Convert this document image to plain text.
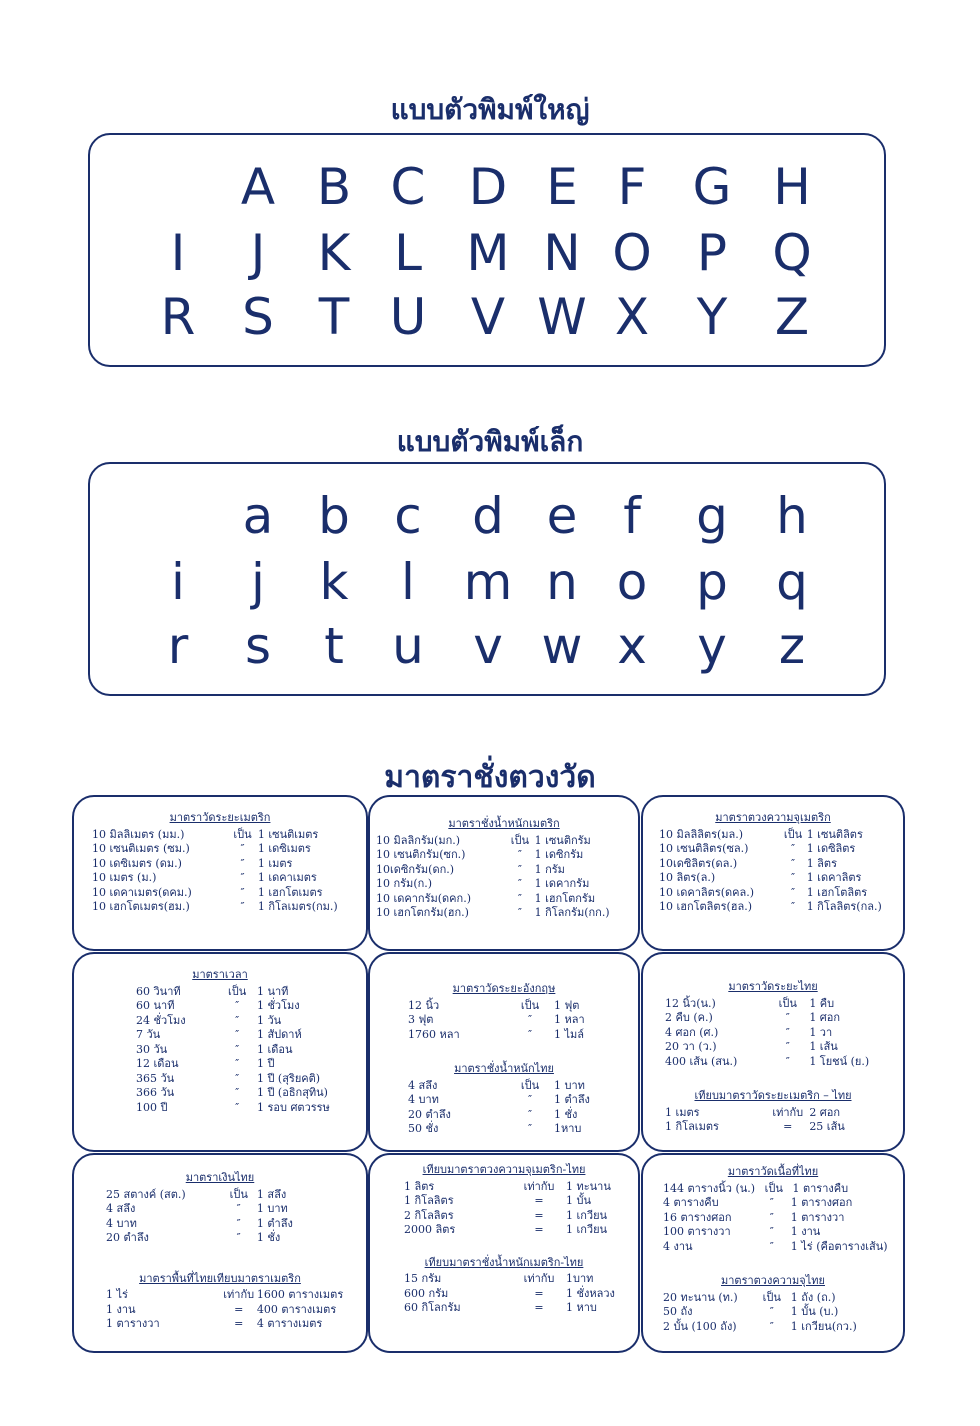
แบบตัวพิมพ์ใหญ่
A B C D E F G H
I	J	K L M N O P Q
R S T U V W X Y Z
แบบตัวพิมพ์เล็ก
a b c	d e f	g h
i	j	k	l m n o p q
r	s	t u v w x	y	z
มาตราชั่งตวงวัด
มาตราวัดระยะเมตริก
10 มิลลิเมตร (มม.)	เป็น 1 เซนติเมตร
10 เซนติเมตร (ซม.)	″	1 เดซิเมตร
10 เดซิเมตร (ดม.)	″	1 เมตร
10 เมตร (ม.)	″	1 เดคาเมตร
10 เดคาเมตร(ดคม.)	″	1 เฮกโตเมตร
10 เฮกโตเมตร(ฮม.)	″	1 กิโลเมตร(กม.)
มาตราชั่งน้ำหนักเมตริก
10 มิลลิกรัม(มก.)	เป็น 1 เซนติกรัม
10 เซนติกรัม(ซก.)	″	1 เดซิกรัม
10เดซิกรัม(ดก.)	″	1 กรัม
10 กรัม(ก.)	″	1 เดคากรัม
10 เดคากรัม(ดคก.)	″	1 เฮกโตกรัม
10 เฮกโตกรัม(ฮก.)	″	1 กิโลกรัม(กก.)
มาตราตวงความจุเมตริก
10 มิลลิลิตร(มล.)	เป็น 1 เซนติลิตร
10 เซนติลิตร(ซล.)	″	1 เดซิลิตร
10เดซิลิตร(ดล.)	″	1 ลิตร
10 ลิตร(ล.)	″	1 เดคาลิตร
10 เดคาลิตร(ดคล.)	″	1 เฮกโตลิตร
10 เฮกโตลิตร(ฮล.)	″	1 กิโลลิตร(กล.)
มาตราเวลา
60 วินาที	เป็น 1 นาที
60 นาที	″	1 ชั่วโมง
24 ชั่วโมง	″	1 วัน
7 วัน	″	1 สัปดาห์
30 วัน	″	1 เดือน
12 เดือน	″	1 ปี
365 วัน	″	1 ปี (สุริยคติ)
366 วัน	″	1 ปี (อธิกสุทิน)
100 ปี	″	1 รอบ ศตวรรษ
มาตราวัดระยะอังกฤษ
12 นิ้ว	เป็น	1 ฟุต
3 ฟุต	″	1 หลา
1760 หลา	″	1 ไมล์
มาตราชั่งน้ำหนักไทย
4 สลึง	เป็น	1 บาท
4 บาท	″	1 ตำลึง
20 ตำลึง	″	1 ชั่ง
50 ชั่ง	″	1หาบ
มาตราวัดระยะไทย
12 นิ้ว(น.)	เป็น	1 คืบ
2 คืบ (ค.)	″	1 ศอก
4 ศอก (ศ.)	″	1 วา
20 วา (ว.)	″	1 เส้น
400 เส้น (สน.)	″	1 โยชน์ (ย.)
เทียบมาตราวัดระยะเมตริก – ไทย
1 เมตร	เท่ากับ 2 ศอก
1 กิโลเมตร	=	25 เส้น
มาตราเงินไทย
25 สตางค์ (สต.)	เป็น 1 สลึง
4 สลึง	″	1 บาท
4 บาท	″	1 ตำลึง
20 ตำลึง	″	1 ชั่ง
มาตราพื้นที่ไทยเทียบมาตราเมตริก
1 ไร่	เท่ากับ 1600 ตารางเมตร
1 งาน	=	400 ตารางเมตร
1 ตารางวา	=	4 ตารางเมตร
เทียบมาตราตวงความจุเมตริก-ไทย
1 ลิตร	เท่ากับ	1 ทะนาน
1 กิโลลิตร	=	1 บั้น
2 กิโลลิตร	=	1 เกวียน
2000 ลิตร	=	1 เกวียน
เทียบมาตราชั่งน้ำหนักเมตริก-ไทย
15 กรัม	เท่ากับ	1บาท
600 กรัม	=	1 ชั่งหลวง
60 กิโลกรัม	=	1 หาบ
มาตราวัดเนื้อที่ไทย
144 ตารางนิ้ว (น.) เป็น 1 ตารางคืบ
4 ตารางคืบ	″	1 ตารางศอก
16 ตารางศอก	″	1 ตารางวา
100 ตารางวา	″	1 งาน
4 งาน	″	1 ไร่ (คือตารางเส้น)
มาตราตวงความจุไทย
20 ทะนาน (ท.)	เป็น 1 ถัง (ถ.)
50 ถัง	″	1 บั้น (บ.)
2 บั้น (100 ถัง)	″	1 เกวียน(กว.)
